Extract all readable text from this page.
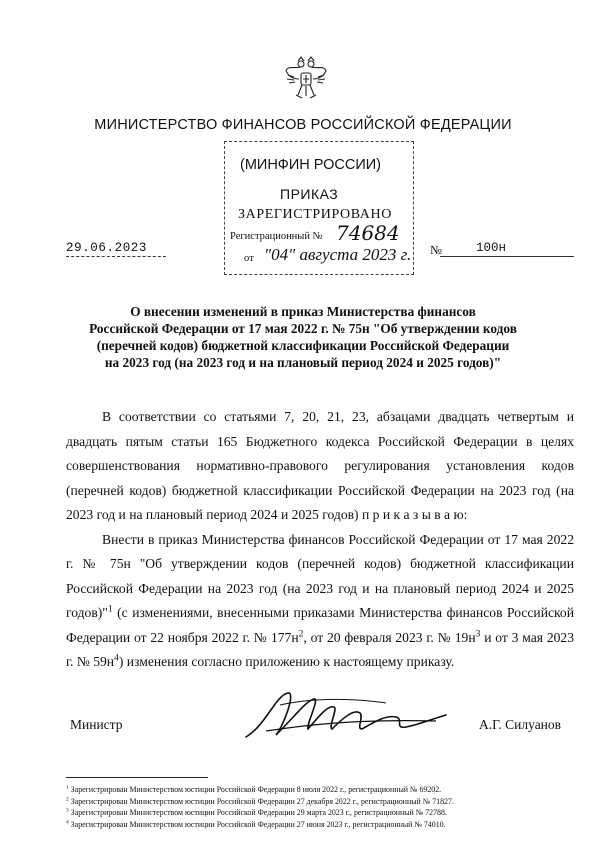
МИНИСТЕРСТВО ФИНАНСОВ РОССИЙСКОЙ ФЕДЕРАЦИИ
(МИНФИН РОССИИ)
ПРИКАЗ
ЗАРЕГИСТРИРОВАНО
Регистрационный № 74684
от "04" августа 2023 г.
29.06.2023	№	100н
О внесении изменений в приказ Министерства финансов
Российской Федерации от 17 мая 2022 г. № 75н "Об утверждении кодов
(перечней кодов) бюджетной классификации Российской Федерации
на 2023 год (на 2023 год и на плановый период 2024 и 2025 годов)"

В соответствии со статьями 7, 20, 21, 23, абзацами двадцать четвертым и двадцать пятым статьи 165 Бюджетного кодекса Российской Федерации в целях совершенствования нормативно-правового регулирования установления кодов (перечней кодов) бюджетной классификации Российской Федерации на 2023 год (на 2023 год и на плановый период 2024 и 2025 годов) п р и к а з ы в а ю:

Внести в приказ Министерства финансов Российской Федерации от 17 мая 2022 г. № 75н "Об утверждении кодов (перечней кодов) бюджетной классификации Российской Федерации на 2023 год (на 2023 год и на плановый период 2024 и 2025 годов)"$^1$ (с изменениями, внесенными приказами Министерства финансов Российской Федерации от 22 ноября 2022 г. № $177н^2$, от 20 февраля 2023 г. № $19н^3$ и от 3 мая 2023 г. № $59н^4$) изменения согласно приложению к настоящему приказу.

Министр	А.Г. Силуанов
$^1$ Зарегистрирован Министерством юстиции Российской Федерации 8 июля 2022 г., регистрационный № 69202.
$^2$ Зарегистрирован Министерством юстиции Российской Федерации 27 декабря 2022 г., регистрационный № 71827.
$^3$ Зарегистрирован Министерством юстиции Российской Федерации 29 марта 2023 г., регистрационный № 72788.
$^4$ Зарегистрирован Министерством юстиции Российской Федерации 27 июня 2023 г., регистрационный № 74010.
